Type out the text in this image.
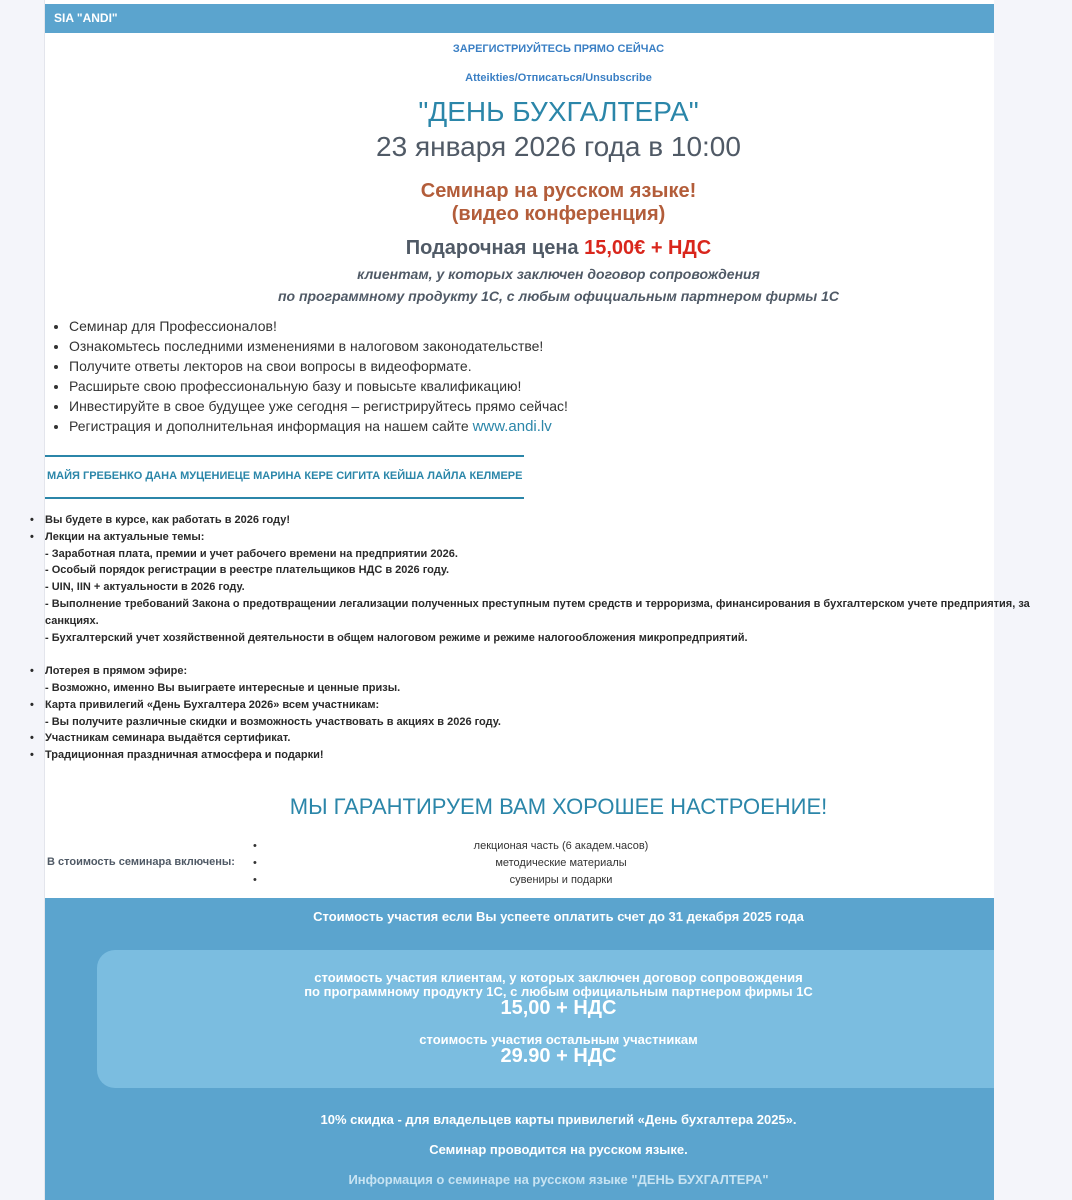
SIA "ANDI"
ЗАРЕГИСТРИУЙТЕСЬ ПРЯМО СЕЙЧАС
Atteikties/Отписаться/Unsubscribe
"ДЕНЬ БУХГАЛТЕРА"
23 января 2026 года в 10:00
Семинар на русском языке!
(видео конференция)
Подарочная цена 15,00€ + НДС
клиентам, у которых заключен договор сопровождения
по программному продукту 1С, с любым официальным партнером фирмы 1С
• Семинар для Профессионалов!
• Ознакомьтесь последними изменениями в налоговом законодательстве!
• Получите ответы лекторов на свои вопросы в видеоформате.
• Расширьте свою профессиональную базу и повысьте квалификацию!
• Инвестируйте в свое будущее уже сегодня – регистрируйтесь прямо сейчас!
• Регистрация и дополнительная информация на нашем сайте www.andi.lv
МАЙЯ ГРЕБЕНКО ДАНА МУЦЕНИЕЦЕ МАРИНА КЕРЕ СИГИТА КЕЙША ЛАЙЛА КЕЛМЕРЕ
• Вы будете в курсе, как работать в 2026 году!
• Лекции на актуальные темы:
- Заработная плата, премии и учет рабочего времени на предприятии 2026.
- Особый порядок регистрации в реестре плательщиков НДС в 2026 году.
- UIN, IIN + актуальности в 2026 году.
- Выполнение требований Закона о предотвращении легализации полученных преступным путем средств и терроризма, финансирования в бухгалтерском учете предприятия, за
санкциях.
- Бухгалтерский учет хозяйственной деятельности в общем налоговом режиме и режиме налогообложения микропредприятий.
• Лотерея в прямом эфире:
- Возможно, именно Вы выиграете интересные и ценные призы.
• Карта привилегий «День Бухгалтера 2026» всем участникам:
- Вы получите различные скидки и возможность участвовать в акциях в 2026 году.
• Участникам семинара выдаётся сертификат.
• Традиционная праздничная атмосфера и подарки!
МЫ ГАРАНТИРУЕМ ВАМ ХОРОШЕЕ НАСТРОЕНИЕ!
В стоимость семинара включены:
•	лекционая часть (6 академ.часов)
•	методические материалы
•	сувениры и подарки
Стоимость участия если Вы успеете оплатить счет до 31 декабря 2025 года
стоимость участия клиентам, у которых заключен договор сопровождения
по программному продукту 1С, с любым официальным партнером фирмы 1С
15,00 + НДС
стоимость участия остальным участникам
29.90 + НДС
10% скидка - для владельцев карты привилегий «День бухгалтера 2025».
Семинар проводится на русском языке.
Информация о семинаре на русском языке "ДЕНЬ БУХГАЛТЕРА"
